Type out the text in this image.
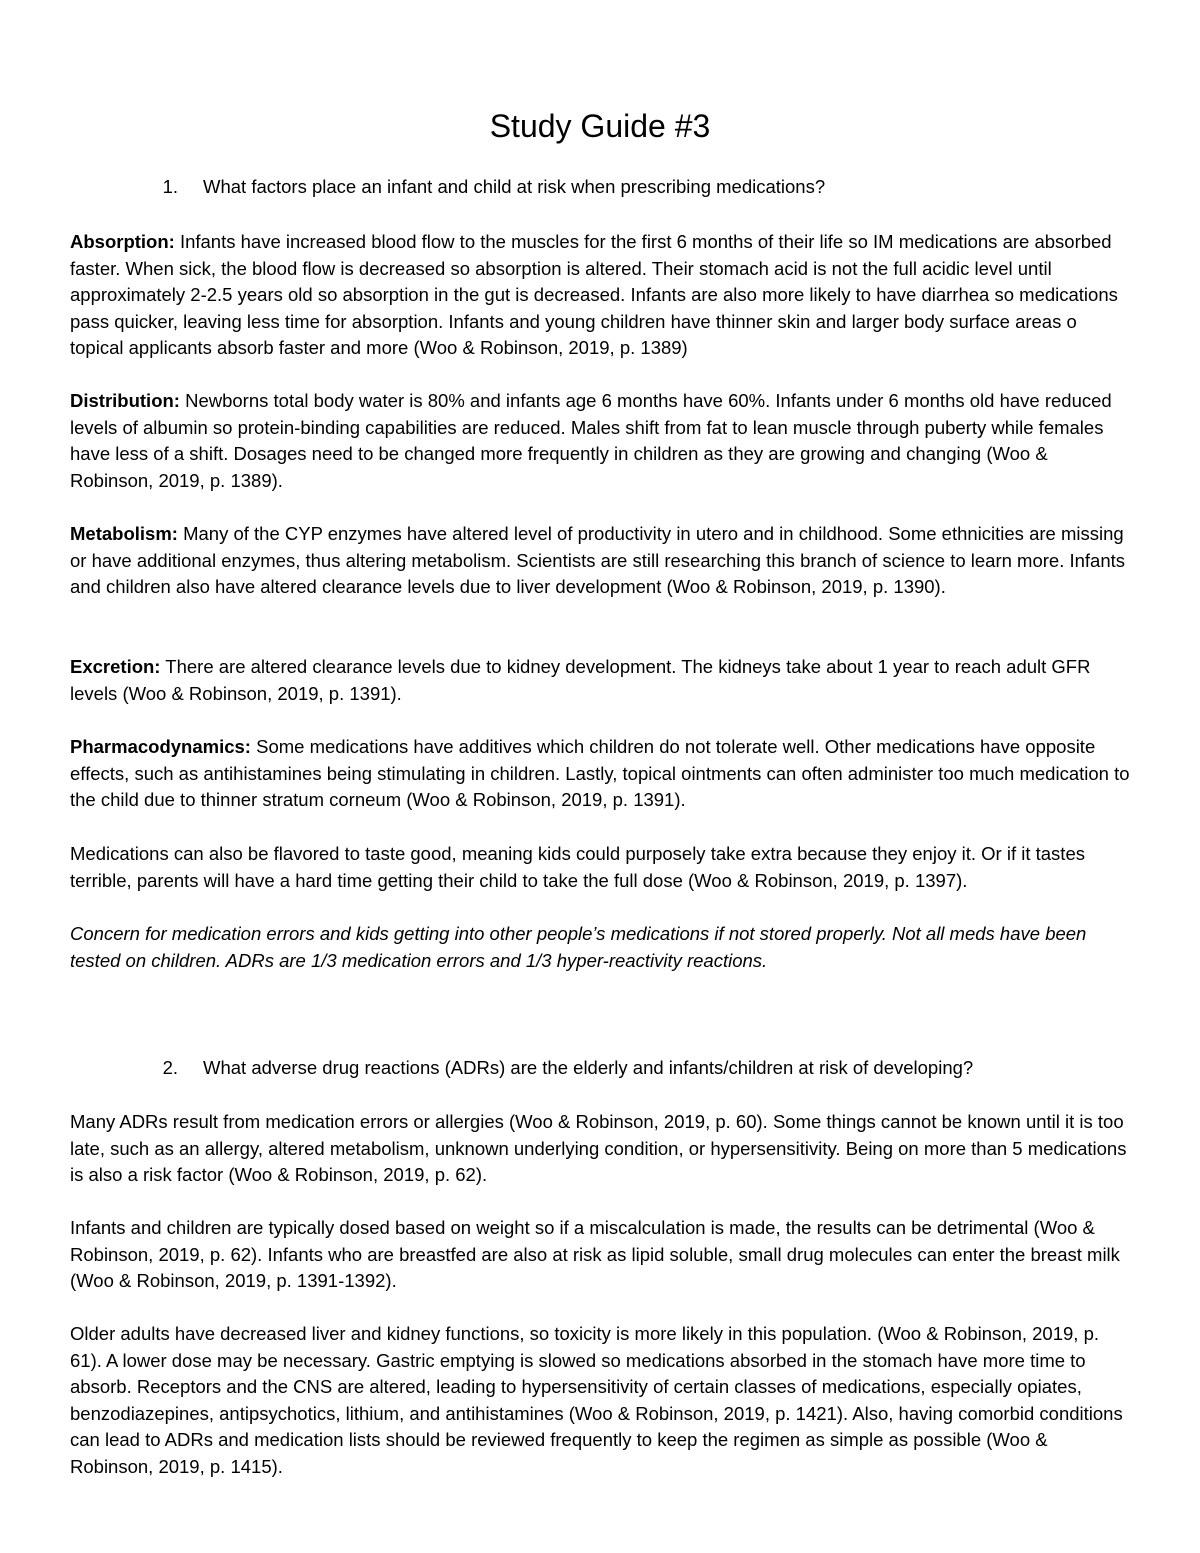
Study Guide #3

1. What factors place an infant and child at risk when prescribing medications?

Absorption: Infants have increased blood flow to the muscles for the first 6 months of their life so IM medications are absorbed faster. When sick, the blood flow is decreased so absorption is altered. Their stomach acid is not the full acidic level until approximately 2-2.5 years old so absorption in the gut is decreased. Infants are also more likely to have diarrhea so medications pass quicker, leaving less time for absorption. Infants and young children have thinner skin and larger body surface areas o topical applicants absorb faster and more (Woo & Robinson, 2019, p. 1389)

Distribution: Newborns total body water is 80% and infants age 6 months have 60%. Infants under 6 months old have reduced levels of albumin so protein-binding capabilities are reduced. Males shift from fat to lean muscle through puberty while females have less of a shift. Dosages need to be changed more frequently in children as they are growing and changing (Woo & Robinson, 2019, p. 1389).

Metabolism: Many of the CYP enzymes have altered level of productivity in utero and in childhood. Some ethnicities are missing or have additional enzymes, thus altering metabolism. Scientists are still researching this branch of science to learn more. Infants and children also have altered clearance levels due to liver development (Woo & Robinson, 2019, p. 1390).

Excretion: There are altered clearance levels due to kidney development. The kidneys take about 1 year to reach adult GFR levels (Woo & Robinson, 2019, p. 1391).

Pharmacodynamics: Some medications have additives which children do not tolerate well. Other medications have opposite effects, such as antihistamines being stimulating in children. Lastly, topical ointments can often administer too much medication to the child due to thinner stratum corneum (Woo & Robinson, 2019, p. 1391).

Medications can also be flavored to taste good, meaning kids could purposely take extra because they enjoy it. Or if it tastes terrible, parents will have a hard time getting their child to take the full dose (Woo & Robinson, 2019, p. 1397).

Concern for medication errors and kids getting into other people’s medications if not stored properly. Not all meds have been tested on children. ADRs are 1/3 medication errors and 1/3 hyper-reactivity reactions.

2. What adverse drug reactions (ADRs) are the elderly and infants/children at risk of developing?

Many ADRs result from medication errors or allergies (Woo & Robinson, 2019, p. 60). Some things cannot be known until it is too late, such as an allergy, altered metabolism, unknown underlying condition, or hypersensitivity. Being on more than 5 medications is also a risk factor (Woo & Robinson, 2019, p. 62).

Infants and children are typically dosed based on weight so if a miscalculation is made, the results can be detrimental (Woo & Robinson, 2019, p. 62). Infants who are breastfed are also at risk as lipid soluble, small drug molecules can enter the breast milk (Woo & Robinson, 2019, p. 1391-1392).

Older adults have decreased liver and kidney functions, so toxicity is more likely in this population. (Woo & Robinson, 2019, p. 61). A lower dose may be necessary. Gastric emptying is slowed so medications absorbed in the stomach have more time to absorb. Receptors and the CNS are altered, leading to hypersensitivity of certain classes of medications, especially opiates, benzodiazepines, antipsychotics, lithium, and antihistamines (Woo & Robinson, 2019, p. 1421). Also, having comorbid conditions can lead to ADRs and medication lists should be reviewed frequently to keep the regimen as simple as possible (Woo & Robinson, 2019, p. 1415).
